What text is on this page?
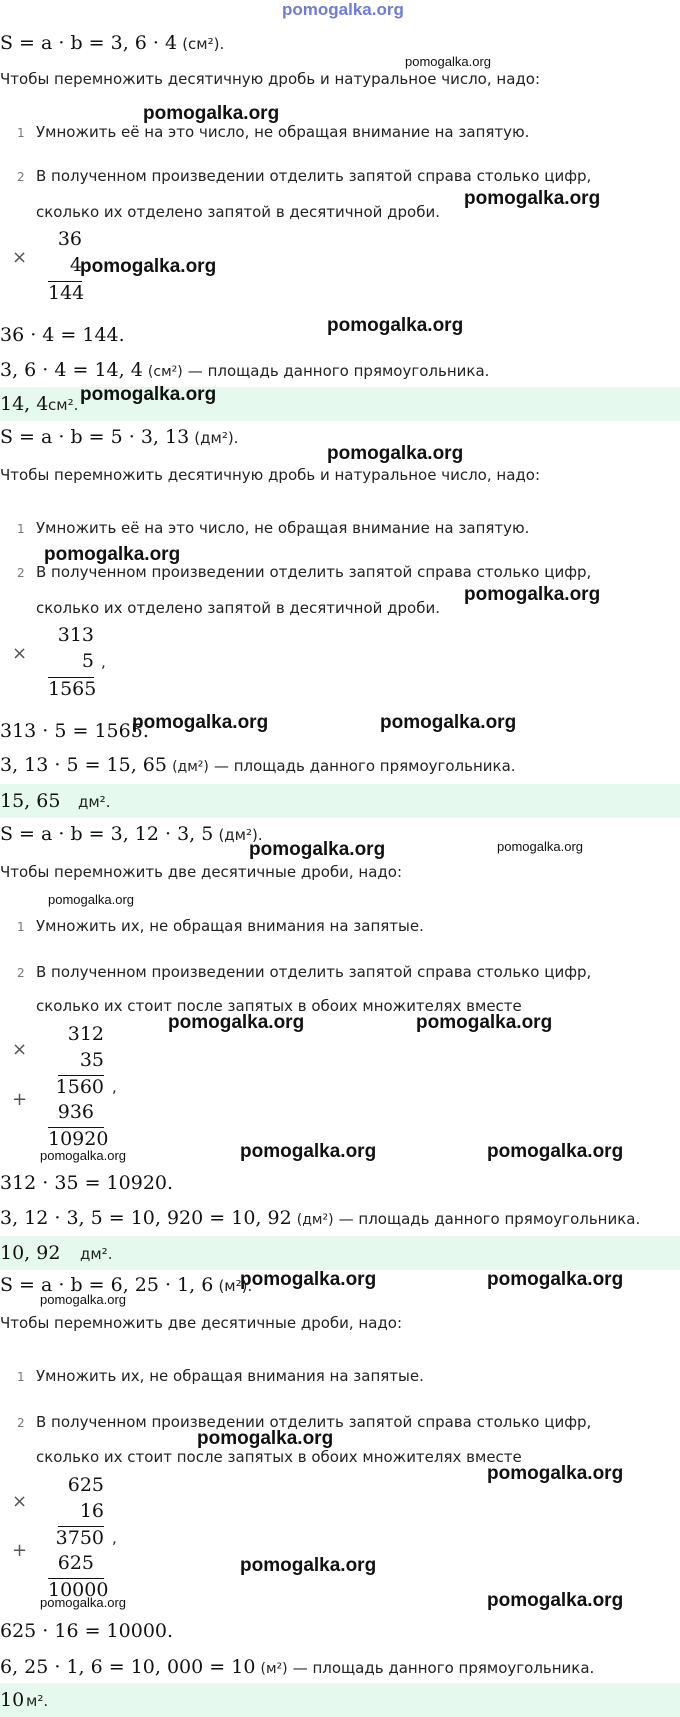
pomogalka.org
S = a · b = 3, 6 · 4 (см²).
Чтобы перемножить десятичную дробь и натуральное число, надо:
1 Умножить её на это число, не обращая внимание на запятую.
2 В полученном произведении отделить запятой справа столько цифр,
сколько их отделено запятой в десятичной дроби.
×
36
4
144
36 · 4 = 144.
3, 6 · 4 = 14, 4 (см²) — площадь данного прямоугольника.
14, 4 см².
S = a · b = 5 · 3, 13 (дм²).
Чтобы перемножить десятичную дробь и натуральное число, надо:
1 Умножить её на это число, не обращая внимание на запятую.
2 В полученном произведении отделить запятой справа столько цифр,
сколько их отделено запятой в десятичной дроби.
×
313
5 ,
1565
313 · 5 = 1565.
3, 13 · 5 = 15, 65 (дм²) — площадь данного прямоугольника.
15, 65 дм².
S = a · b = 3, 12 · 3, 5 (дм²).
Чтобы перемножить две десятичные дроби, надо:
1 Умножить их, не обращая внимания на запятые.
2 В полученном произведении отделить запятой справа столько цифр,
сколько их стоит после запятых в обоих множителях вместе
×
312
35
1560 ,
+
936
10920
312 · 35 = 10920.
3, 12 · 3, 5 = 10, 920 = 10, 92 (дм²) — площадь данного прямоугольника.
10, 92 дм².
S = a · b = 6, 25 · 1, 6 (м²).
Чтобы перемножить две десятичные дроби, надо:
1 Умножить их, не обращая внимания на запятые.
2 В полученном произведении отделить запятой справа столько цифр,
сколько их стоит после запятых в обоих множителях вместе
×
625
16
3750 ,
+
625
10000
625 · 16 = 10000.
6, 25 · 1, 6 = 10, 000 = 10 (м²) — площадь данного прямоугольника.
10 м².
pomogalka.org
pomogalka.org
pomogalka.org
pomogalka.org
pomogalka.org
pomogalka.org
pomogalka.org
pomogalka.org
pomogalka.org
pomogalka.org	pomogalka.org
pomogalka.org	pomogalka.org
pomogalka.org
pomogalka.org	pomogalka.org
pomogalka.org	pomogalka.org	pomogalka.org
pomogalka.org	pomogalka.org
pomogalka.org
pomogalka.org
pomogalka.org
pomogalka.org
pomogalka.org	pomogalka.org
